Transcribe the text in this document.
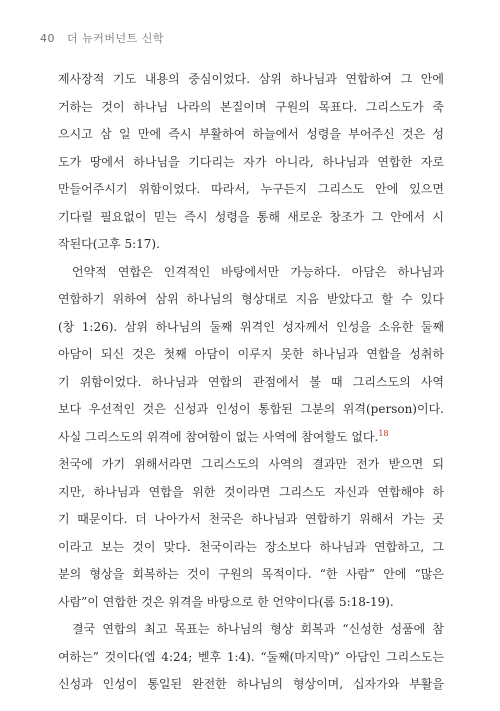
40 더 뉴커버넌트 신학
제사장적 기도 내용의 중심이었다. 삼위 하나님과 연합하여 그 안에
거하는 것이 하나님 나라의 본질이며 구원의 목표다. 그리스도가 죽
으시고 삼 일 만에 즉시 부활하여 하늘에서 성령을 부어주신 것은 성
도가 땅에서 하나님을 기다리는 자가 아니라, 하나님과 연합한 자로
만들어주시기 위함이었다. 따라서, 누구든지 그리스도 안에 있으면
기다릴 필요없이 믿는 즉시 성령을 통해 새로운 창조가 그 안에서 시
작된다(고후 5:17).
언약적 연합은 인격적인 바탕에서만 가능하다. 아담은 하나님과
연합하기 위하여 삼위 하나님의 형상대로 지음 받았다고 할 수 있다
(창 1:26). 삼위 하나님의 둘째 위격인 성자께서 인성을 소유한 둘째
아담이 되신 것은 첫째 아담이 이루지 못한 하나님과 연합을 성취하
기 위함이었다. 하나님과 연합의 관점에서 볼 때 그리스도의 사역
보다 우선적인 것은 신성과 인성이 통합된 그분의 위격(person)이다.
사실 그리스도의 위격에 참여함이 없는 사역에 참여할도 없다.$^{18}$
천국에 가기 위해서라면 그리스도의 사역의 결과만 전가 받으면 되
지만, 하나님과 연합을 위한 것이라면 그리스도 자신과 연합해야 하
기 때문이다. 더 나아가서 천국은 하나님과 연합하기 위해서 가는 곳
이라고 보는 것이 맞다. 천국이라는 장소보다 하나님과 연합하고, 그
분의 형상을 회복하는 것이 구원의 목적이다. “한 사람” 안에 “많은
사람”이 연합한 것은 위격을 바탕으로 한 언약이다(롬 5:18-19).
결국 연합의 최고 목표는 하나님의 형상 회복과 “신성한 성품에 참
여하는” 것이다(엡 4:24; 벧후 1:4). “둘째(마지막)” 아담인 그리스도는
신성과 인성이 통일된 완전한 하나님의 형상이며, 십자가와 부활을
